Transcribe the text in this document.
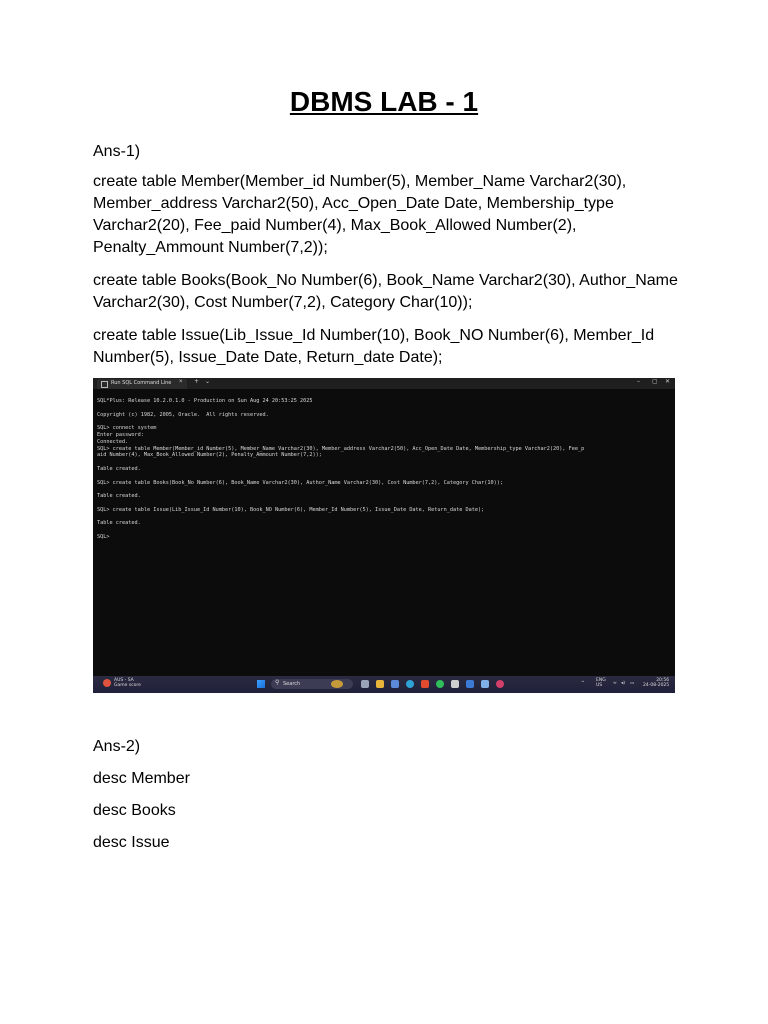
DBMS LAB - 1
Ans-1)
create table Member(Member_id Number(5), Member_Name Varchar2(30), Member_address Varchar2(50), Acc_Open_Date Date, Membership_type Varchar2(20), Fee_paid Number(4), Max_Book_Allowed Number(2), Penalty_Ammount Number(7,2));
create table Books(Book_No Number(6), Book_Name Varchar2(30), Author_Name Varchar2(30), Cost Number(7,2), Category Char(10));
create table Issue(Lib_Issue_Id Number(10), Book_NO Number(6), Member_Id Number(5), Issue_Date Date, Return_date Date);
Run SQL Command Line × + ⌄	– ▢ ✕
SQL*Plus: Release 10.2.0.1.0 - Production on Sun Aug 24 20:53:25 2025

Copyright (c) 1982, 2005, Oracle.  All rights reserved.

SQL> connect system
Enter password:
Connected.
SQL> create table Member(Member_id Number(5), Member_Name Varchar2(30), Member_address Varchar2(50), Acc_Open_Date Date, Membership_type Varchar2(20), Fee_p
aid Number(4), Max_Book_Allowed Number(2), Penalty_Ammount Number(7,2));

Table created.

SQL> create table Books(Book_No Number(6), Book_Name Varchar2(30), Author_Name Varchar2(30), Cost Number(7,2), Category Char(10));

Table created.

SQL> create table Issue(Lib_Issue_Id Number(10), Book_NO Number(6), Member_Id Number(5), Issue_Date Date, Return_date Date);

Table created.

SQL>
AUS - SA
Game score	⚲ Search	^
ENG
US	≈ ◂) ▭
20:56
24-08-2025
Ans-2)
desc Member
desc Books
desc Issue
